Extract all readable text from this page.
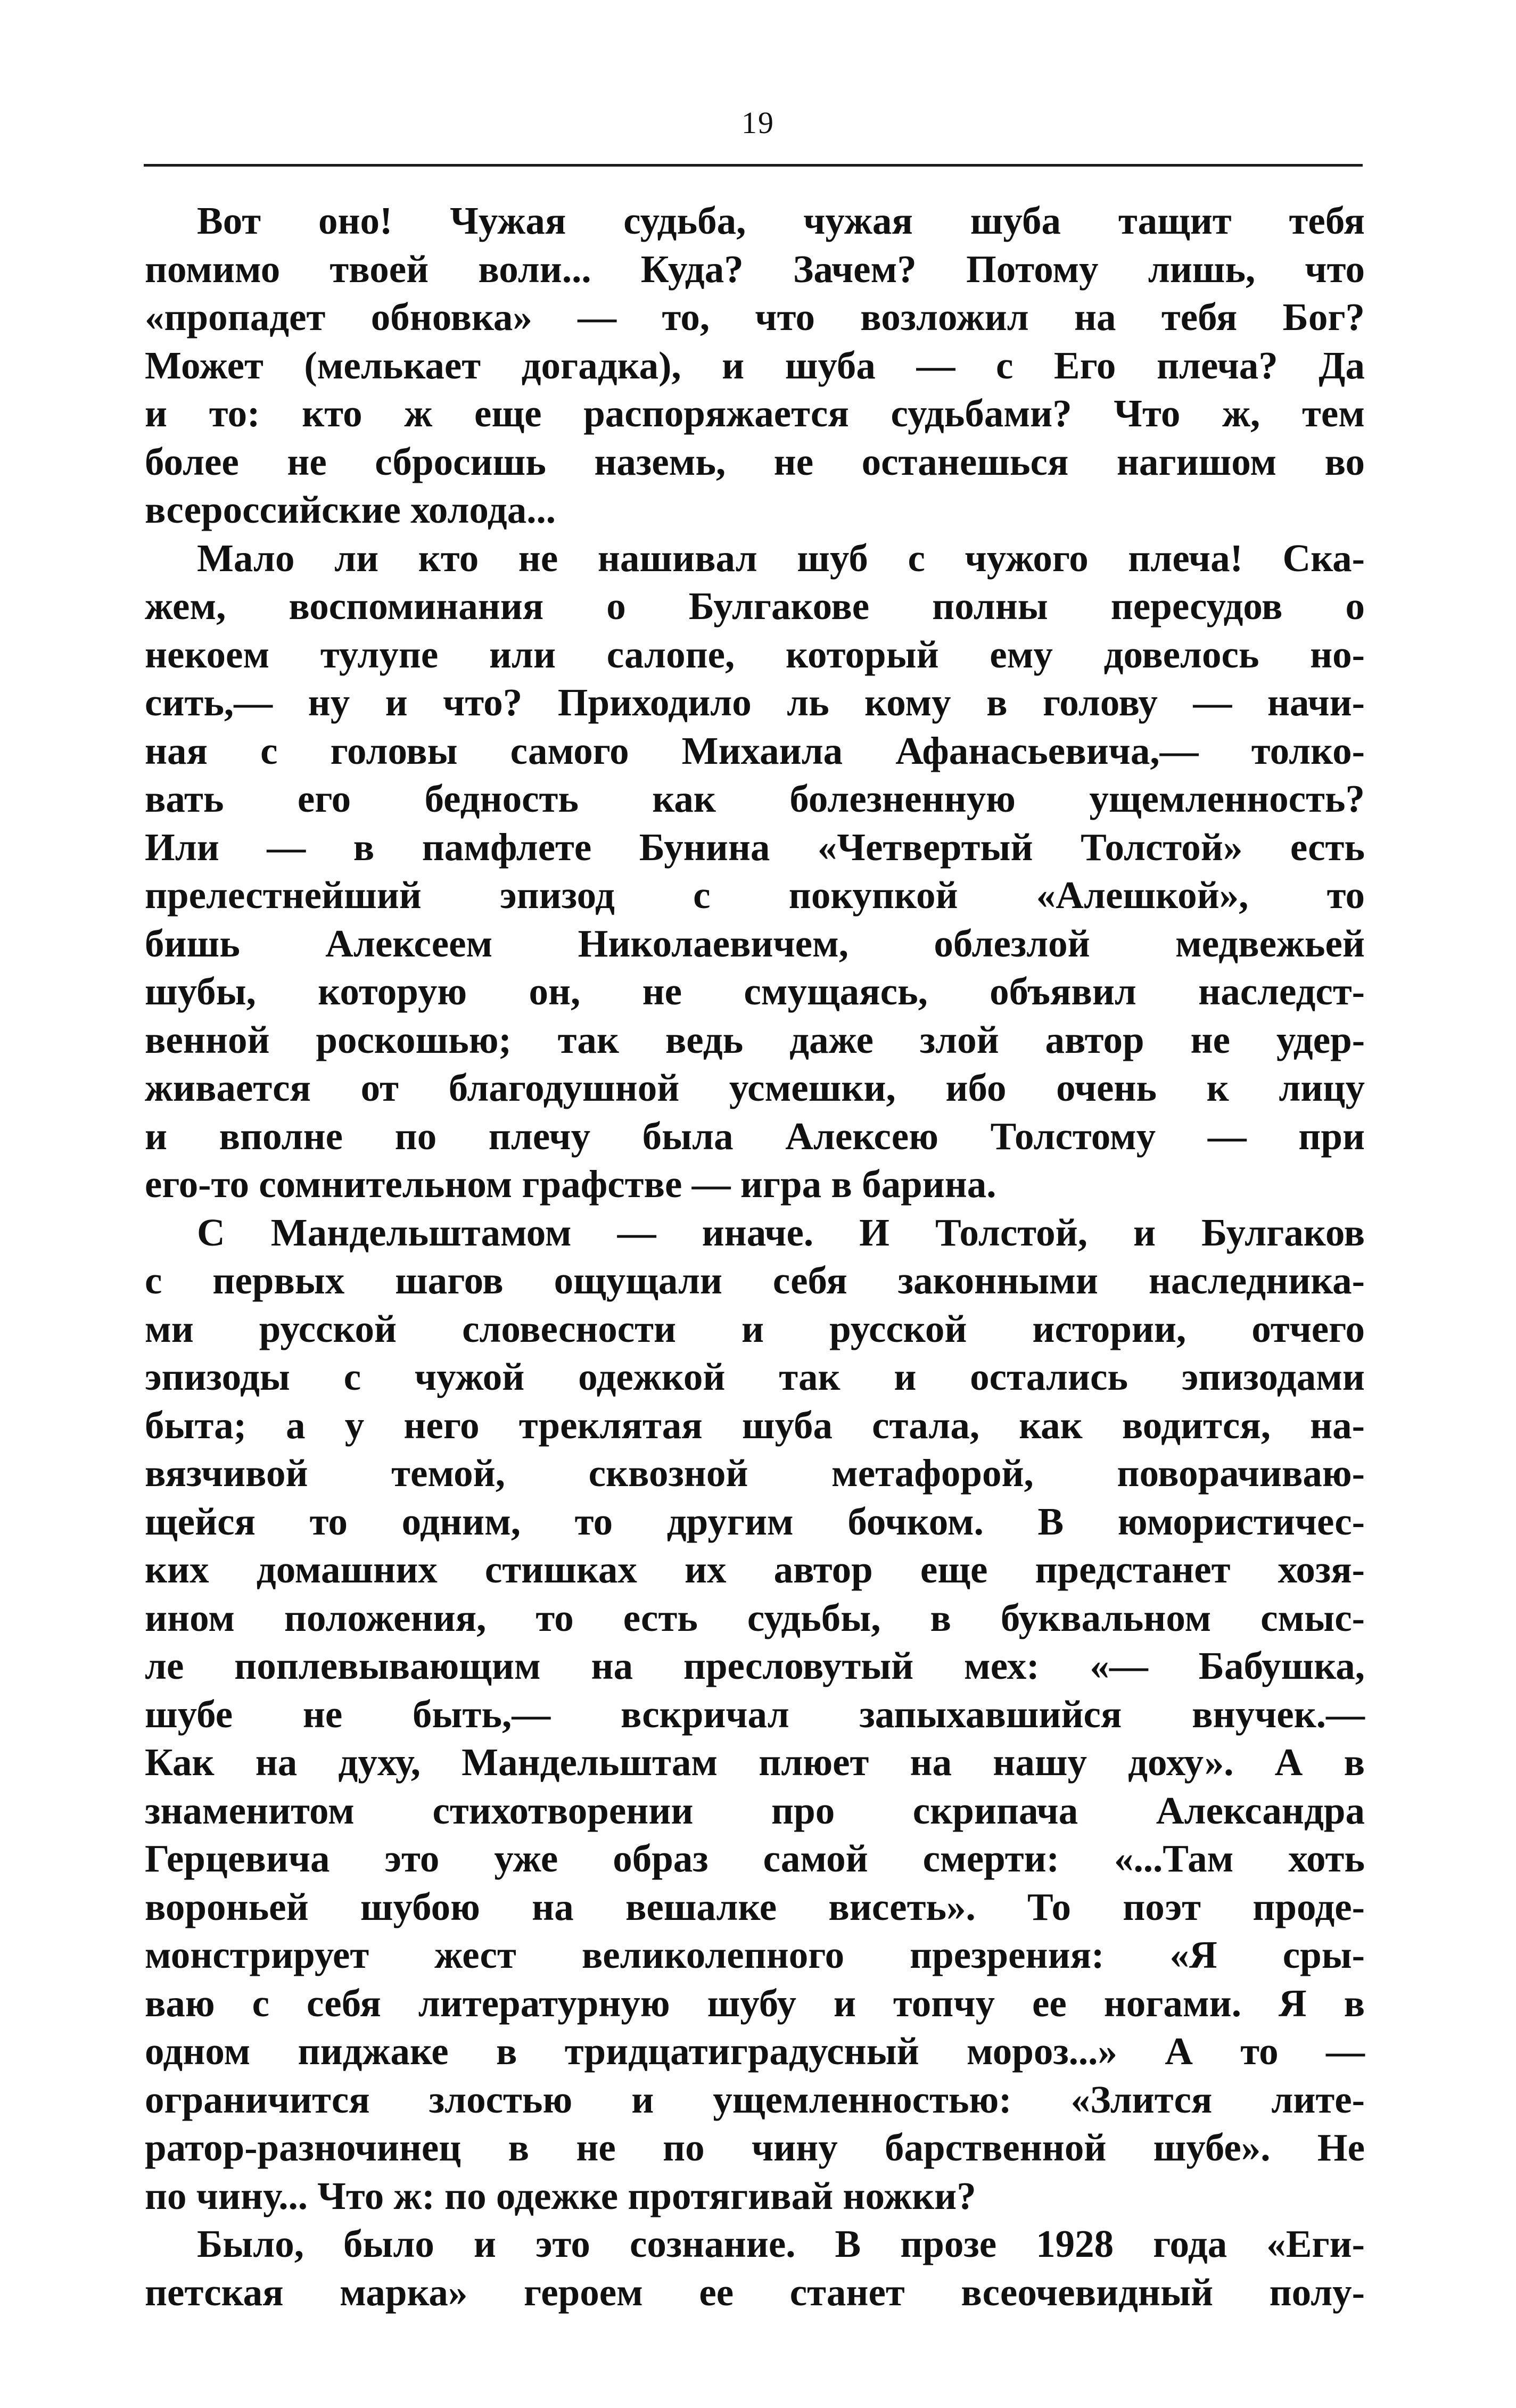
19
Вот оно! Чужая судьба, чужая шуба тащит тебя
помимо твоей воли... Куда? Зачем? Потому лишь, что
«пропадет обновка» — то, что возложил на тебя Бог?
Может (мелькает догадка), и шуба — с Его плеча? Да
и то: кто ж еще распоряжается судьбами? Что ж, тем
более не сбросишь наземь, не останешься нагишом во
всероссийские холода...
Мало ли кто не нашивал шуб с чужого плеча! Ска-
жем, воспоминания о Булгакове полны пересудов о
некоем тулупе или салопе, который ему довелось но-
сить,— ну и что? Приходило ль кому в голову — начи-
ная с головы самого Михаила Афанасьевича,— толко-
вать его бедность как болезненную ущемленность?
Или — в памфлете Бунина «Четвертый Толстой» есть
прелестнейший эпизод с покупкой «Алешкой», то
бишь Алексеем Николаевичем, облезлой медвежьей
шубы, которую он, не смущаясь, объявил наследст-
венной роскошью; так ведь даже злой автор не удер-
живается от благодушной усмешки, ибо очень к лицу
и вполне по плечу была Алексею Толстому — при
его-то сомнительном графстве — игра в барина.
С Мандельштамом — иначе. И Толстой, и Булгаков
с первых шагов ощущали себя законными наследника-
ми русской словесности и русской истории, отчего
эпизоды с чужой одежкой так и остались эпизодами
быта; а у него треклятая шуба стала, как водится, на-
вязчивой темой, сквозной метафорой, поворачиваю-
щейся то одним, то другим бочком. В юмористичес-
ких домашних стишках их автор еще предстанет хозя-
ином положения, то есть судьбы, в буквальном смыс-
ле поплевывающим на пресловутый мех: «— Бабушка,
шубе не быть,— вскричал запыхавшийся внучек.—
Как на духу, Мандельштам плюет на нашу доху». А в
знаменитом стихотворении про скрипача Александра
Герцевича это уже образ самой смерти: «...Там хоть
вороньей шубою на вешалке висеть». То поэт проде-
монстрирует жест великолепного презрения: «Я сры-
ваю с себя литературную шубу и топчу ее ногами. Я в
одном пиджаке в тридцатиградусный мороз...» А то —
ограничится злостью и ущемленностью: «Злится лите-
ратор-разночинец в не по чину барственной шубе». Не
по чину... Что ж: по одежке протягивай ножки?
Было, было и это сознание. В прозе 1928 года «Еги-
петская марка» героем ее станет всеочевидный полу-
